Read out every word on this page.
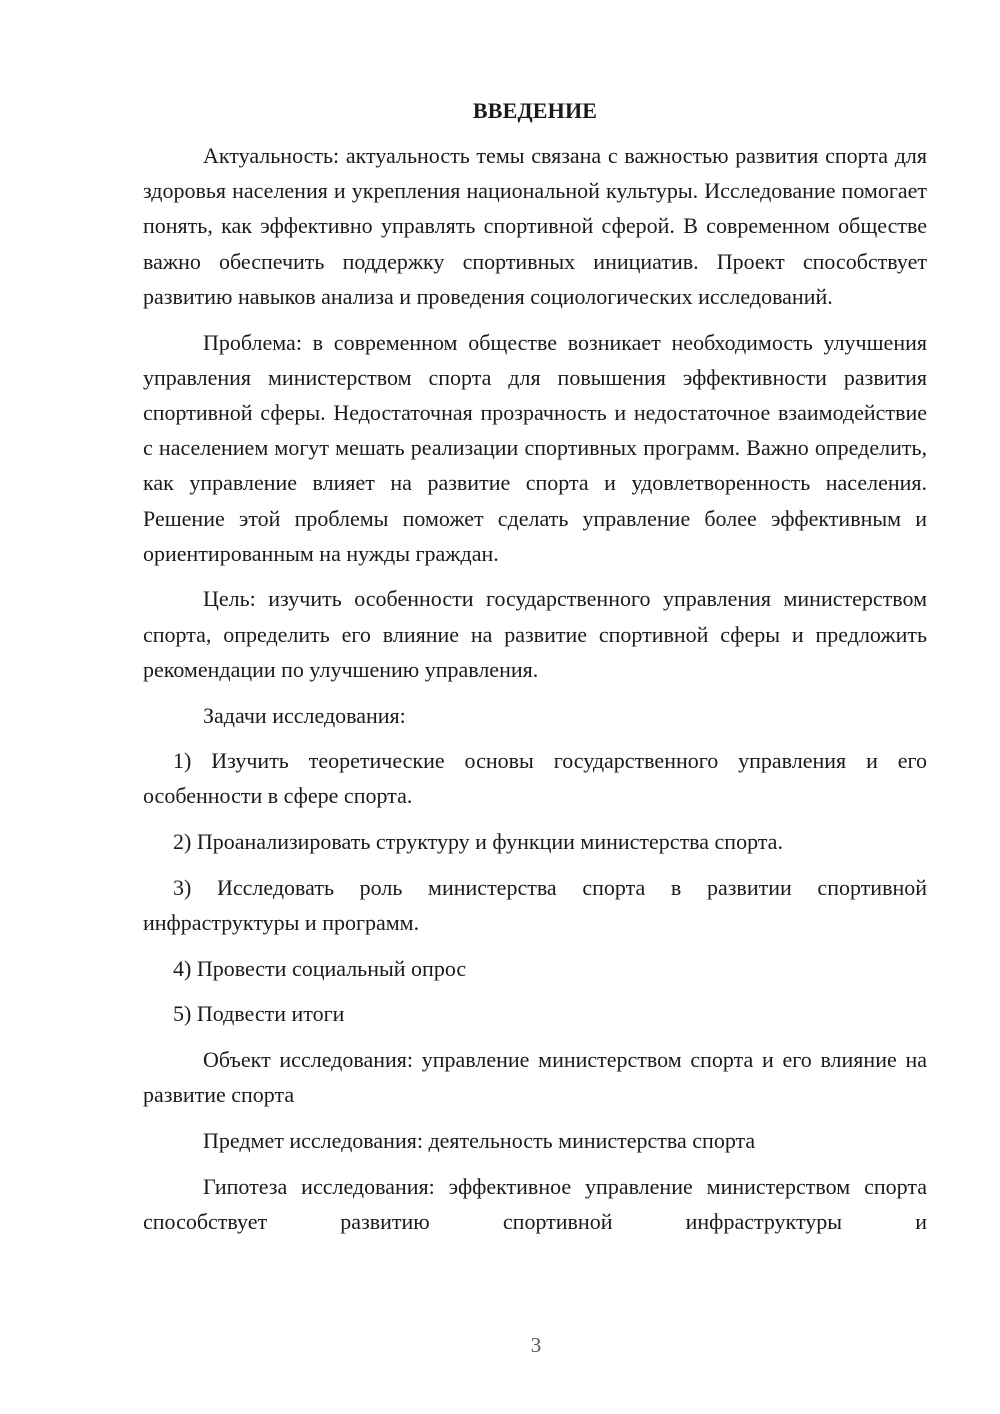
ВВЕДЕНИЕ

Актуальность: актуальность темы связана с важностью развития спорта для здоровья населения и укрепления национальной культуры. Исследование помогает понять, как эффективно управлять спортивной сферой. В современном обществе важно обеспечить поддержку спортивных инициатив. Проект способствует развитию навыков анализа и проведения социологических исследований.

Проблема: в современном обществе возникает необходимость улучшения управления министерством спорта для повышения эффективности развития спортивной сферы. Недостаточная прозрачность и недостаточное взаимодействие с населением могут мешать реализации спортивных программ. Важно определить, как управление влияет на развитие спорта и удовлетворенность населения. Решение этой проблемы поможет сделать управление более эффективным и ориентированным на нужды граждан.

Цель: изучить особенности государственного управления министерством спорта, определить его влияние на развитие спортивной сферы и предложить рекомендации по улучшению управления.

Задачи исследования:

1) Изучить теоретические основы государственного управления и его особенности в сфере спорта.

2) Проанализировать структуру и функции министерства спорта.

3) Исследовать роль министерства спорта в развитии спортивной инфраструктуры и программ.

4) Провести социальный опрос

5) Подвести итоги

Объект исследования: управление министерством спорта и его влияние на развитие спорта

Предмет исследования: деятельность министерства спорта

Гипотеза исследования: эффективное управление министерством спорта способствует развитию спортивной инфраструктуры и

3
